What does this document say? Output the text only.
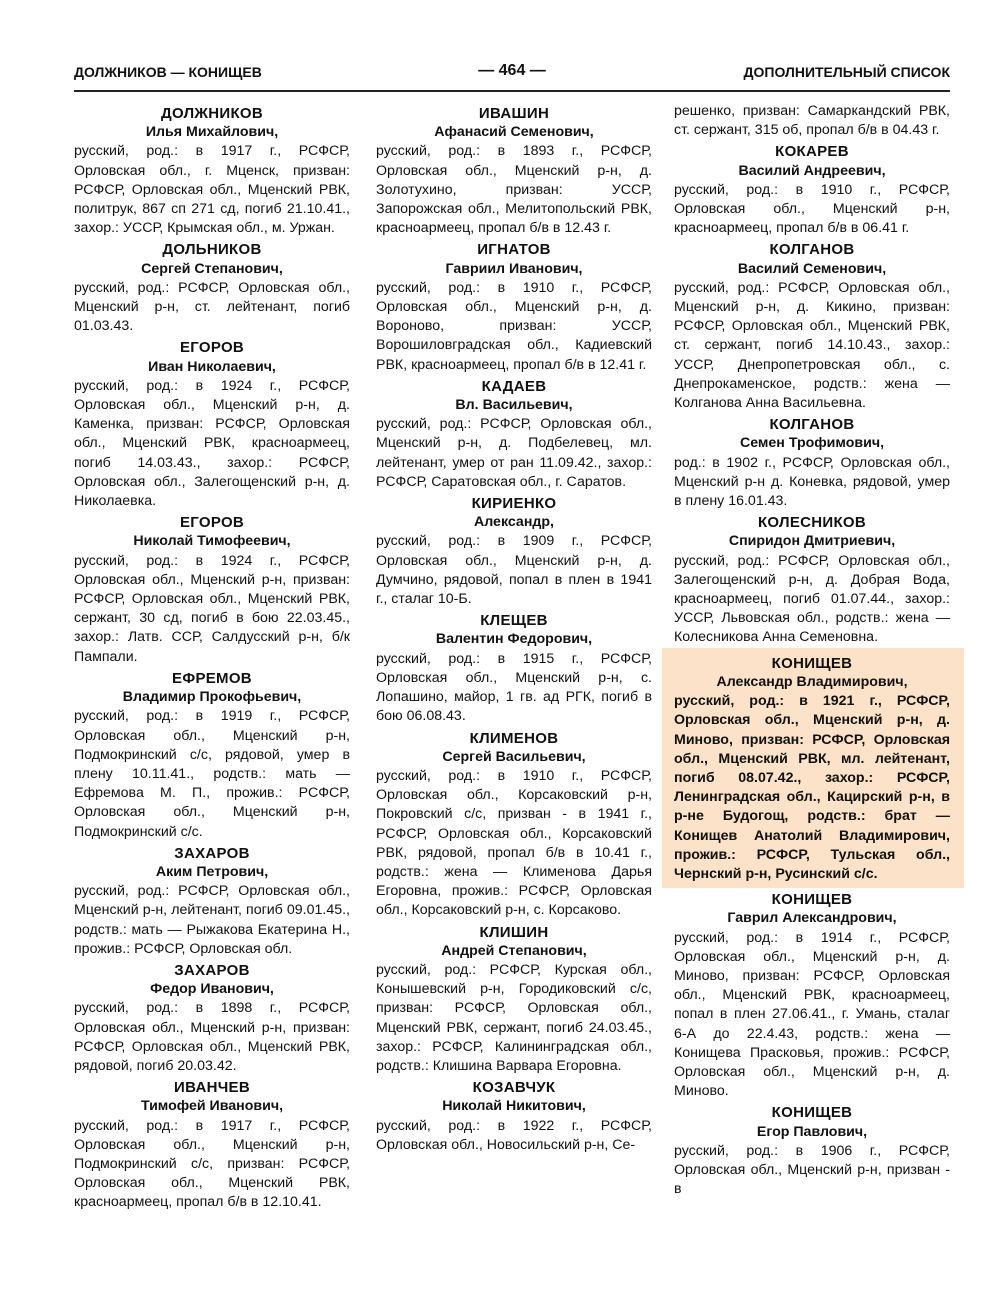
ДОЛЖНИКОВ — КОНИЩЕВ	— 464 —	ДОПОЛНИТЕЛЬНЫЙ СПИСОК
ДОЛЖНИКОВ
Илья Михайлович,
русский, род.: в 1917 г., РСФСР, Орловская обл., г. Мценск, призван: РСФСР, Орловская обл., Мценский РВК, политрук, 867 сп 271 сд, погиб 21.10.41., захор.: УССР, Крымская обл., м. Уржан.
ДОЛЬНИКОВ
Сергей Степанович,
русский, род.: РСФСР, Орловская обл., Мценский р-н, ст. лейтенант, погиб 01.03.43.
ЕГОРОВ
Иван Николаевич,
русский, род.: в 1924 г., РСФСР, Орловская обл., Мценский р-н, д. Каменка, призван: РСФСР, Орловская обл., Мценский РВК, красноармеец, погиб 14.03.43., захор.: РСФСР, Орловская обл., Залегощенский р-н, д. Николаевка.
ЕГОРОВ
Николай Тимофеевич,
русский, род.: в 1924 г., РСФСР, Орловская обл., Мценский р-н, призван: РСФСР, Орловская обл., Мценский РВК, сержант, 30 сд, погиб в бою 22.03.45., захор.: Латв. ССР, Салдусский р-н, б/к Пампали.
ЕФРЕМОВ
Владимир Прокофьевич,
русский, род.: в 1919 г., РСФСР, Орловская обл., Мценский р-н, Подмокринский с/с, рядовой, умер в плену 10.11.41., родств.: мать — Ефремова М. П., прожив.: РСФСР, Орловская обл., Мценский р-н, Подмокринский с/с.
ЗАХАРОВ
Аким Петрович,
русский, род.: РСФСР, Орловская обл., Мценский р-н, лейтенант, погиб 09.01.45., родств.: мать — Рыжакова Екатерина Н., прожив.: РСФСР, Орловская обл.
ЗАХАРОВ
Федор Иванович,
русский, род.: в 1898 г., РСФСР, Орловская обл., Мценский р-н, призван: РСФСР, Орловская обл., Мценский РВК, рядовой, погиб 20.03.42.
ИВАНЧЕВ
Тимофей Иванович,
русский, род.: в 1917 г., РСФСР, Орловская обл., Мценский р-н, Подмокринский с/с, призван: РСФСР, Орловская обл., Мценский РВК, красноармеец, пропал б/в в 12.10.41.
ИВАШИН
Афанасий Семенович,
русский, род.: в 1893 г., РСФСР, Орловская обл., Мценский р-н, д. Золотухино, призван: УССР, Запорожская обл., Мелитопольский РВК, красноармеец, пропал б/в в 12.43 г.
ИГНАТОВ
Гавриил Иванович,
русский, род.: в 1910 г., РСФСР, Орловская обл., Мценский р-н, д. Вороново, призван: УССР, Ворошиловградская обл., Кадиевский РВК, красноармеец, пропал б/в в 12.41 г.
КАДАЕВ
Вл. Васильевич,
русский, род.: РСФСР, Орловская обл., Мценский р-н, д. Подбелевец, мл. лейтенант, умер от ран 11.09.42., захор.: РСФСР, Саратовская обл., г. Саратов.
КИРИЕНКО
Александр,
русский, род.: в 1909 г., РСФСР, Орловская обл., Мценский р-н, д. Думчино, рядовой, попал в плен в 1941 г., сталаг 10-Б.
КЛЕЩЕВ
Валентин Федорович,
русский, род.: в 1915 г., РСФСР, Орловская обл., Мценский р-н, с. Лопашино, майор, 1 гв. ад РГК, погиб в бою 06.08.43.
КЛИМЕНОВ
Сергей Васильевич,
русский, род.: в 1910 г., РСФСР, Орловская обл., Корсаковский р-н, Покровский с/с, призван - в 1941 г., РСФСР, Орловская обл., Корсаковский РВК, рядовой, пропал б/в в 10.41 г., родств.: жена — Клименова Дарья Егоровна, прожив.: РСФСР, Орловская обл., Корсаковский р-н, с. Корсаково.
КЛИШИН
Андрей Степанович,
русский, род.: РСФСР, Курская обл., Конышевский р-н, Городиковский с/с, призван: РСФСР, Орловская обл., Мценский РВК, сержант, погиб 24.03.45., захор.: РСФСР, Калининградская обл., родств.: Клишина Варвара Егоровна.
КОЗАВЧУК
Николай Никитович,
русский, род.: в 1922 г., РСФСР, Орловская обл., Новосильский р-н, Се-
решенко, призван: Самаркандский РВК, ст. сержант, 315 об, пропал б/в в 04.43 г.
КОКАРЕВ
Василий Андреевич,
русский, род.: в 1910 г., РСФСР, Орловская обл., Мценский р-н, красноармеец, пропал б/в в 06.41 г.
КОЛГАНОВ
Василий Семенович,
русский, род.: РСФСР, Орловская обл., Мценский р-н, д. Кикино, призван: РСФСР, Орловская обл., Мценский РВК, ст. сержант, погиб 14.10.43., захор.: УССР, Днепропетровская обл., с. Днепрокаменское, родств.: жена — Колганова Анна Васильевна.
КОЛГАНОВ
Семен Трофимович,
род.: в 1902 г., РСФСР, Орловская обл., Мценский р-н д. Коневка, рядовой, умер в плену 16.01.43.
КОЛЕСНИКОВ
Спиридон Дмитриевич,
русский, род.: РСФСР, Орловская обл., Залегощенский р-н, д. Добрая Вода, красноармеец, погиб 01.07.44., захор.: УССР, Львовская обл., родств.: жена — Колесникова Анна Семеновна.
КОНИЩЕВ
Александр Владимирович,
русский, род.: в 1921 г., РСФСР, Орловская обл., Мценский р-н, д. Миново, призван: РСФСР, Орловская обл., Мценский РВК, мл. лейтенант, погиб 08.07.42., захор.: РСФСР, Ленинградская обл., Кацирский р-н, в р-не Будогощ, родств.: брат — Конищев Анатолий Владимирович, прожив.: РСФСР, Тульская обл., Чернский р-н, Русинский с/с.
КОНИЩЕВ
Гаврил Александрович,
русский, род.: в 1914 г., РСФСР, Орловская обл., Мценский р-н, д. Миново, призван: РСФСР, Орловская обл., Мценский РВК, красноармеец, попал в плен 27.06.41., г. Умань, сталаг 6-А до 22.4.43, родств.: жена — Конищева Прасковья, прожив.: РСФСР, Орловская обл., Мценский р-н, д. Миново.
КОНИЩЕВ
Егор Павлович,
русский, род.: в 1906 г., РСФСР, Орловская обл., Мценский р-н, призван - в
